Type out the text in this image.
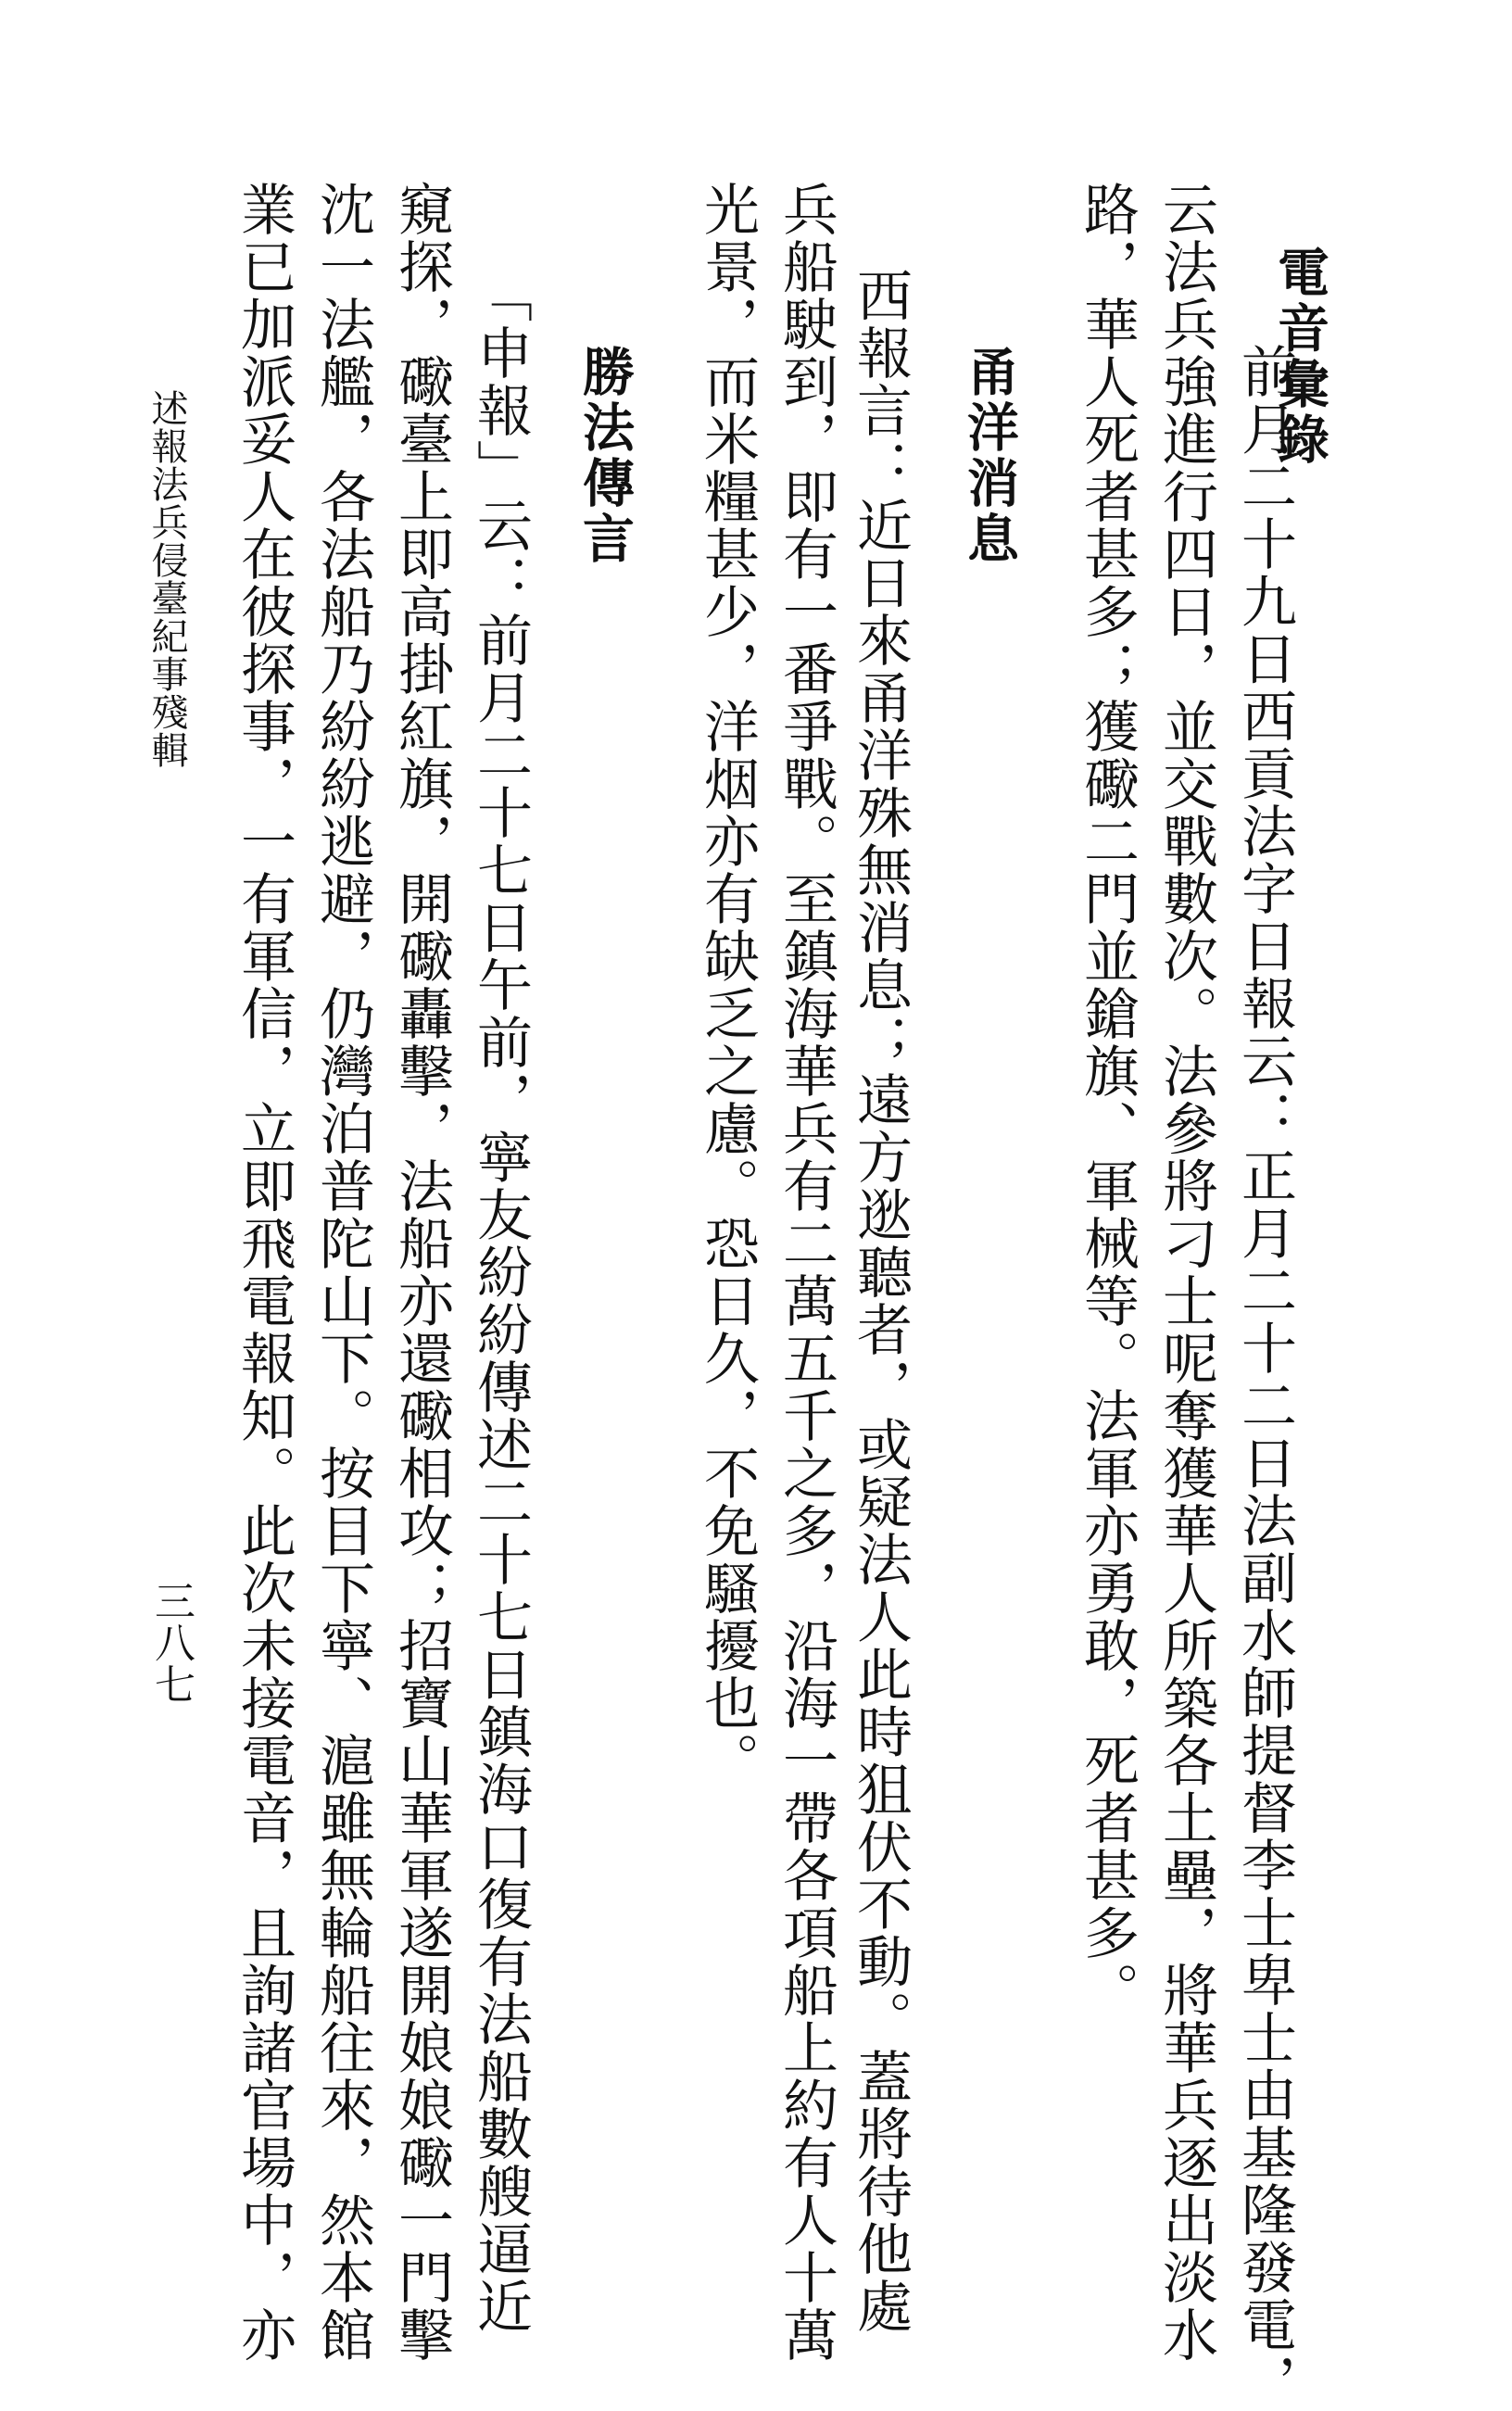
電音彙錄
前月二十九日西貢法字日報云：正月二十二日法副水師提督李士卑士由基隆發電，
云法兵強進行四日，並交戰數次。法參將刁士呢奪獲華人所築各土壘，將華兵逐出淡水
路，華人死者甚多；獲礮二門並鎗旗、軍械等。法軍亦勇敢，死者甚多。
甬洋消息
西報言：近日來甬洋殊無消息；遠方逖聽者，或疑法人此時狙伏不動。蓋將待他處
兵船駛到，即有一番爭戰。至鎮海華兵有二萬五千之多，沿海一帶各項船上約有人十萬
光景，而米糧甚少，洋烟亦有缺乏之慮。恐日久，不免騷擾也。
勝法傳言
「申報」云：前月二十七日午前，寧友紛紛傳述二十七日鎮海口復有法船數艘逼近
窺探，礮臺上即高掛紅旗，開礮轟擊，法船亦還礮相攻；招寶山華軍遂開娘娘礮一門擊
沈一法艦，各法船乃紛紛逃避，仍灣泊普陀山下。按目下寧、滬雖無輪船往來，然本館
業已加派妥人在彼探事，一有軍信，立即飛電報知。此次未接電音，且詢諸官場中，亦
述報法兵侵臺紀事殘輯
三八七
